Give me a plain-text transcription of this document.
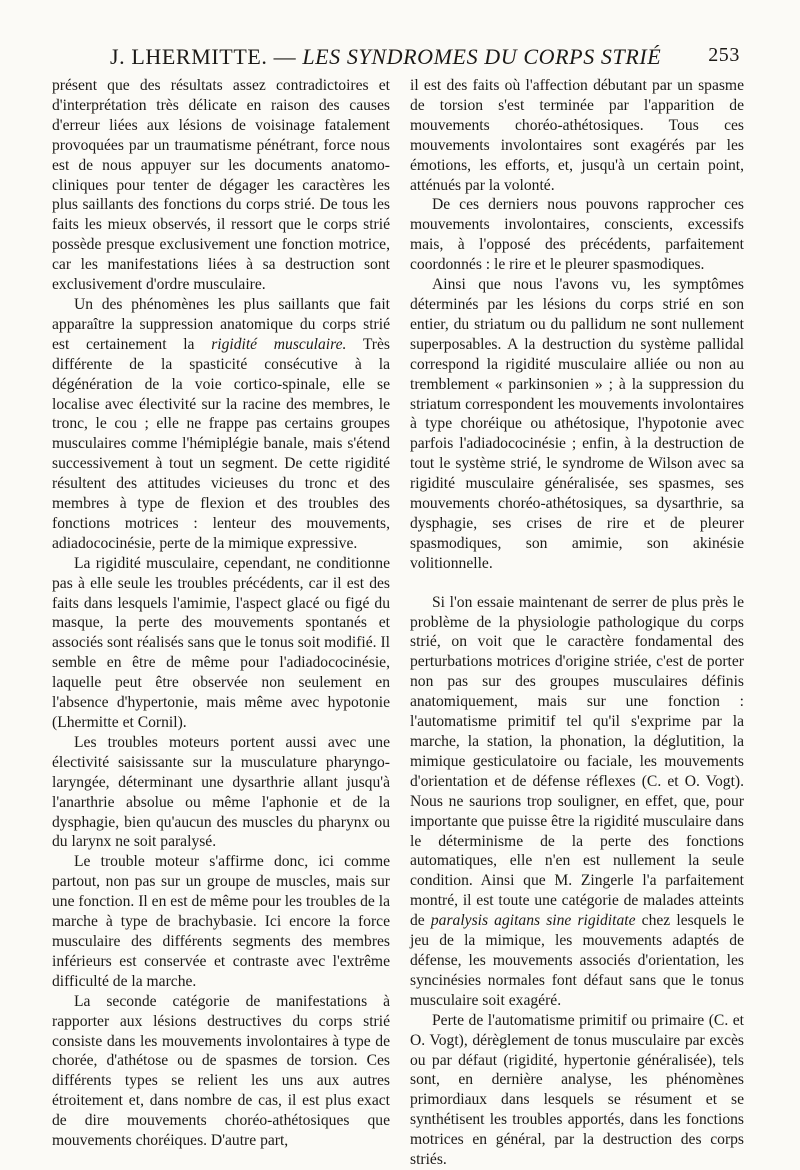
J. LHERMITTE. — LES SYNDROMES DU CORPS STRIÉ 253

présent que des résultats assez contradictoires et d'interprétation très délicate en raison des causes d'erreur liées aux lésions de voisinage fatalement provoquées par un traumatisme pénétrant, force nous est de nous appuyer sur les documents anatomo-cliniques pour tenter de dégager les caractères les plus saillants des fonctions du corps strié. De tous les faits les mieux observés, il ressort que le corps strié possède presque exclusivement une fonction motrice, car les manifestations liées à sa destruction sont exclusivement d'ordre musculaire.

Un des phénomènes les plus saillants que fait apparaître la suppression anatomique du corps strié est certainement la rigidité musculaire. Très différente de la spasticité consécutive à la dégénération de la voie cortico-spinale, elle se localise avec électivité sur la racine des membres, le tronc, le cou ; elle ne frappe pas certains groupes musculaires comme l'hémiplégie banale, mais s'étend successivement à tout un segment. De cette rigidité résultent des attitudes vicieuses du tronc et des membres à type de flexion et des troubles des fonctions motrices : lenteur des mouvements, adiadococinésie, perte de la mimique expressive.

La rigidité musculaire, cependant, ne conditionne pas à elle seule les troubles précédents, car il est des faits dans lesquels l'amimie, l'aspect glacé ou figé du masque, la perte des mouvements spontanés et associés sont réalisés sans que le tonus soit modifié. Il semble en être de même pour l'adiadococinésie, laquelle peut être observée non seulement en l'absence d'hypertonie, mais même avec hypotonie (Lhermitte et Cornil).

Les troubles moteurs portent aussi avec une électivité saisissante sur la musculature pharyngo-laryngée, déterminant une dysarthrie allant jusqu'à l'anarthrie absolue ou même l'aphonie et de la dysphagie, bien qu'aucun des muscles du pharynx ou du larynx ne soit paralysé.

Le trouble moteur s'affirme donc, ici comme partout, non pas sur un groupe de muscles, mais sur une fonction. Il en est de même pour les troubles de la marche à type de brachybasie. Ici encore la force musculaire des différents segments des membres inférieurs est conservée et contraste avec l'extrême difficulté de la marche.

La seconde catégorie de manifestations à rapporter aux lésions destructives du corps strié consiste dans les mouvements involontaires à type de chorée, d'athétose ou de spasmes de torsion. Ces différents types se relient les uns aux autres étroitement et, dans nombre de cas, il est plus exact de dire mouvements choréo-athétosiques que mouvements choréiques. D'autre part,

il est des faits où l'affection débutant par un spasme de torsion s'est terminée par l'apparition de mouvements choréo-athétosiques. Tous ces mouvements involontaires sont exagérés par les émotions, les efforts, et, jusqu'à un certain point, atténués par la volonté.

De ces derniers nous pouvons rapprocher ces mouvements involontaires, conscients, excessifs mais, à l'opposé des précédents, parfaitement coordonnés : le rire et le pleurer spasmodiques.

Ainsi que nous l'avons vu, les symptômes déterminés par les lésions du corps strié en son entier, du striatum ou du pallidum ne sont nullement superposables. A la destruction du système pallidal correspond la rigidité musculaire alliée ou non au tremblement « parkinsonien » ; à la suppression du striatum correspondent les mouvements involontaires à type choréique ou athétosique, l'hypotonie avec parfois l'adiadococinésie ; enfin, à la destruction de tout le système strié, le syndrome de Wilson avec sa rigidité musculaire généralisée, ses spasmes, ses mouvements choréo-athétosiques, sa dysarthrie, sa dysphagie, ses crises de rire et de pleurer spasmodiques, son amimie, son akinésie volitionnelle.

Si l'on essaie maintenant de serrer de plus près le problème de la physiologie pathologique du corps strié, on voit que le caractère fondamental des perturbations motrices d'origine striée, c'est de porter non pas sur des groupes musculaires définis anatomiquement, mais sur une fonction : l'automatisme primitif tel qu'il s'exprime par la marche, la station, la phonation, la déglutition, la mimique gesticulatoire ou faciale, les mouvements d'orientation et de défense réflexes (C. et O. Vogt). Nous ne saurions trop souligner, en effet, que, pour importante que puisse être la rigidité musculaire dans le déterminisme de la perte des fonctions automatiques, elle n'en est nullement la seule condition. Ainsi que M. Zingerle l'a parfaitement montré, il est toute une catégorie de malades atteints de paralysis agitans sine rigiditate chez lesquels le jeu de la mimique, les mouvements adaptés de défense, les mouvements associés d'orientation, les syncinésies normales font défaut sans que le tonus musculaire soit exagéré.

Perte de l'automatisme primitif ou primaire (C. et O. Vogt), dérèglement de tonus musculaire par excès ou par défaut (rigidité, hypertonie généralisée), tels sont, en dernière analyse, les phénomènes primordiaux dans lesquels se résument et se synthétisent les troubles apportés, dans les fonctions motrices en général, par la destruction des corps striés.
